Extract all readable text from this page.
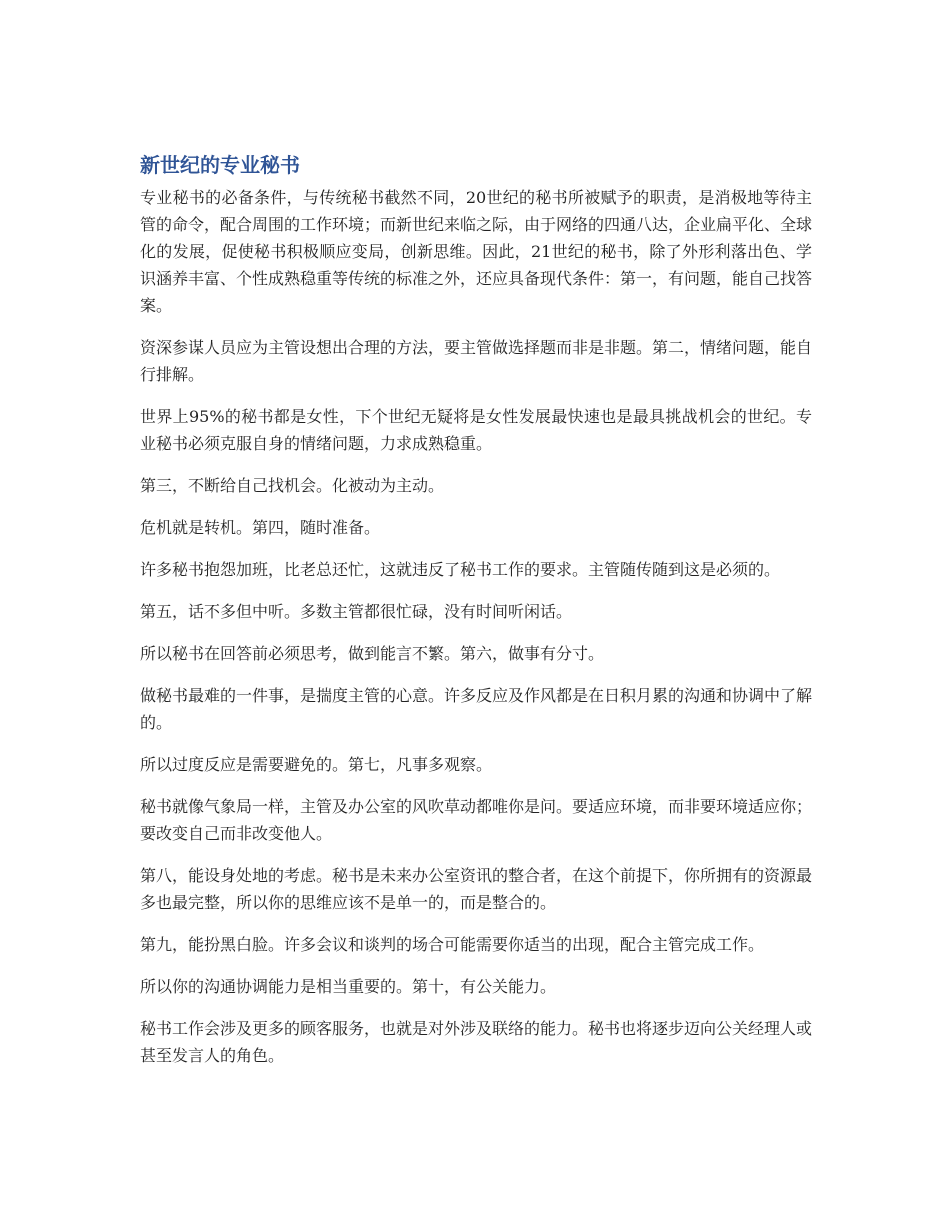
新世纪的专业秘书

专业秘书的必备条件，与传统秘书截然不同，20世纪的秘书所被赋予的职责，是消极地等待主管的命令，配合周围的工作环境；而新世纪来临之际，由于网络的四通八达，企业扁平化、全球化的发展，促使秘书积极顺应变局，创新思维。因此，21世纪的秘书，除了外形利落出色、学识涵养丰富、个性成熟稳重等传统的标准之外，还应具备现代条件：第一，有问题，能自己找答案。

资深参谋人员应为主管设想出合理的方法，要主管做选择题而非是非题。第二，情绪问题，能自行排解。

世界上95%的秘书都是女性，下个世纪无疑将是女性发展最快速也是最具挑战机会的世纪。专业秘书必须克服自身的情绪问题，力求成熟稳重。

第三，不断给自己找机会。化被动为主动。

危机就是转机。第四，随时准备。

许多秘书抱怨加班，比老总还忙，这就违反了秘书工作的要求。主管随传随到这是必须的。

第五，话不多但中听。多数主管都很忙碌，没有时间听闲话。

所以秘书在回答前必须思考，做到能言不繁。第六，做事有分寸。

做秘书最难的一件事，是揣度主管的心意。许多反应及作风都是在日积月累的沟通和协调中了解的。

所以过度反应是需要避免的。第七，凡事多观察。

秘书就像气象局一样，主管及办公室的风吹草动都唯你是问。要适应环境，而非要环境适应你；要改变自己而非改变他人。

第八，能设身处地的考虑。秘书是未来办公室资讯的整合者，在这个前提下，你所拥有的资源最多也最完整，所以你的思维应该不是单一的，而是整合的。

第九，能扮黑白脸。许多会议和谈判的场合可能需要你适当的出现，配合主管完成工作。

所以你的沟通协调能力是相当重要的。第十，有公关能力。

秘书工作会涉及更多的顾客服务，也就是对外涉及联络的能力。秘书也将逐步迈向公关经理人或甚至发言人的角色。
